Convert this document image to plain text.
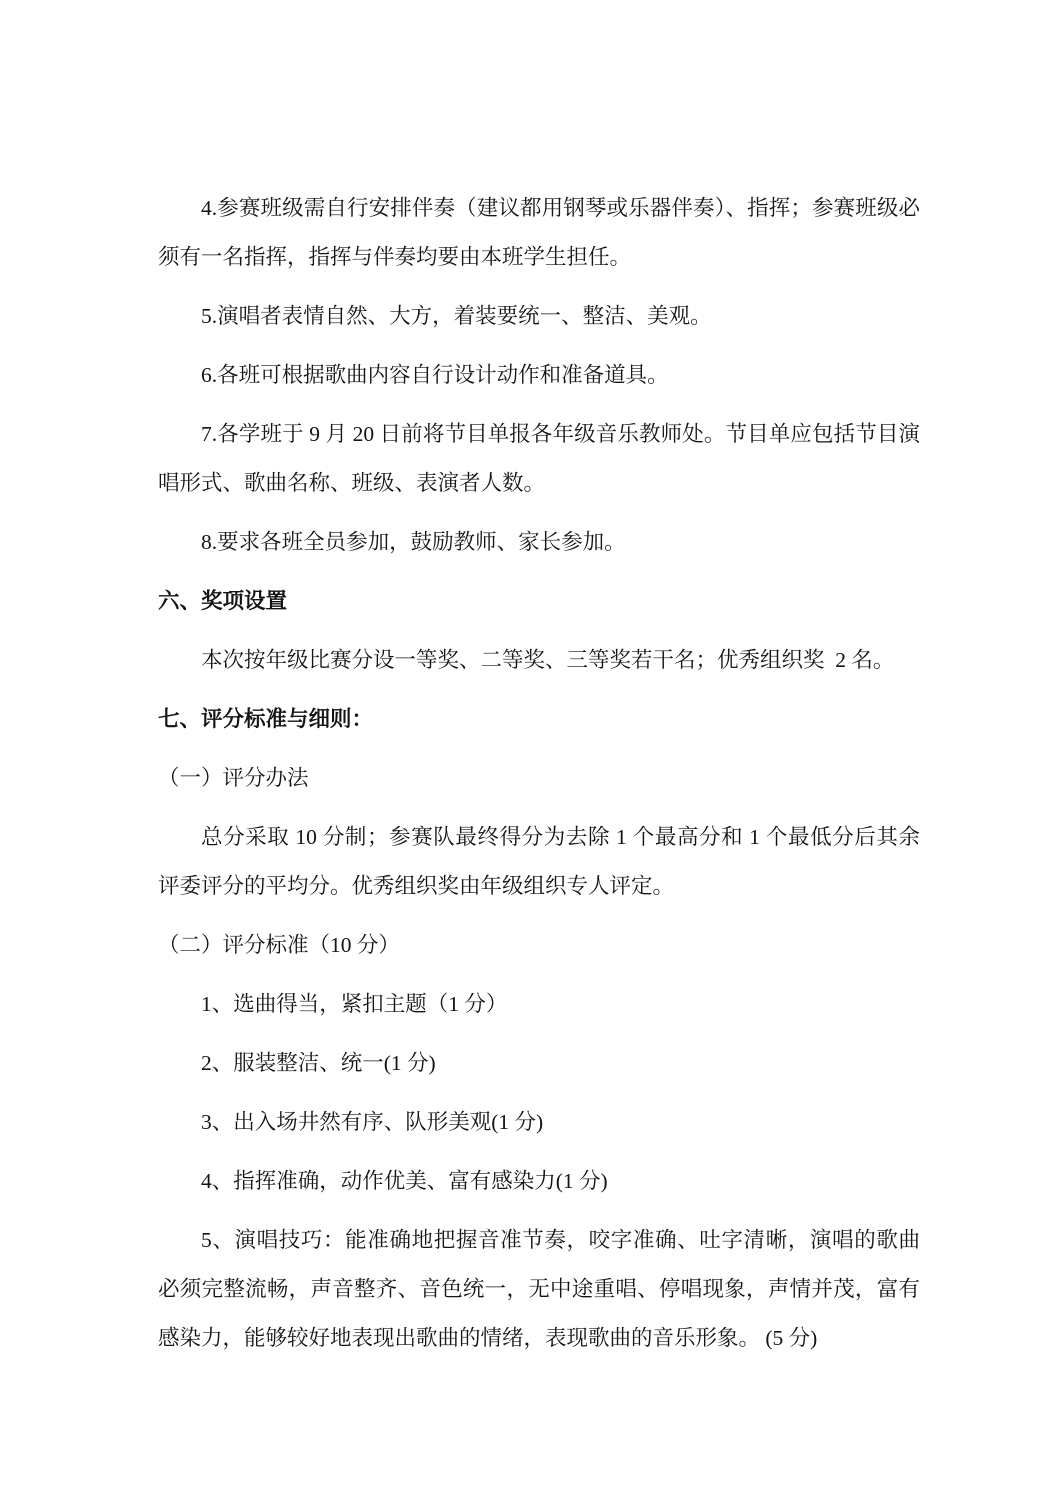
4.参赛班级需自行安排伴奏（建议都用钢琴或乐器伴奏）、指挥；参赛班级必须有一名指挥，指挥与伴奏均要由本班学生担任。

5.演唱者表情自然、大方，着装要统一、整洁、美观。

6.各班可根据歌曲内容自行设计动作和准备道具。

7.各学班于 9 月 20 日前将节目单报各年级音乐教师处。节目单应包括节目演唱形式、歌曲名称、班级、表演者人数。

8.要求各班全员参加，鼓励教师、家长参加。

六、奖项设置

本次按年级比赛分设一等奖、二等奖、三等奖若干名；优秀组织奖  2 名。

七、评分标准与细则：

（一）评分办法

总分采取 10 分制；参赛队最终得分为去除 1 个最高分和 1 个最低分后其余评委评分的平均分。优秀组织奖由年级组织专人评定。

（二）评分标准（10 分）

1、选曲得当，紧扣主题（1 分）

2、服装整洁、统一(1 分)

3、出入场井然有序、队形美观(1 分)

4、指挥准确，动作优美、富有感染力(1 分)

5、演唱技巧：能准确地把握音准节奏，咬字准确、吐字清晰，演唱的歌曲必须完整流畅，声音整齐、音色统一，无中途重唱、停唱现象，声情并茂，富有感染力，能够较好地表现出歌曲的情绪，表现歌曲的音乐形象。 (5 分)
